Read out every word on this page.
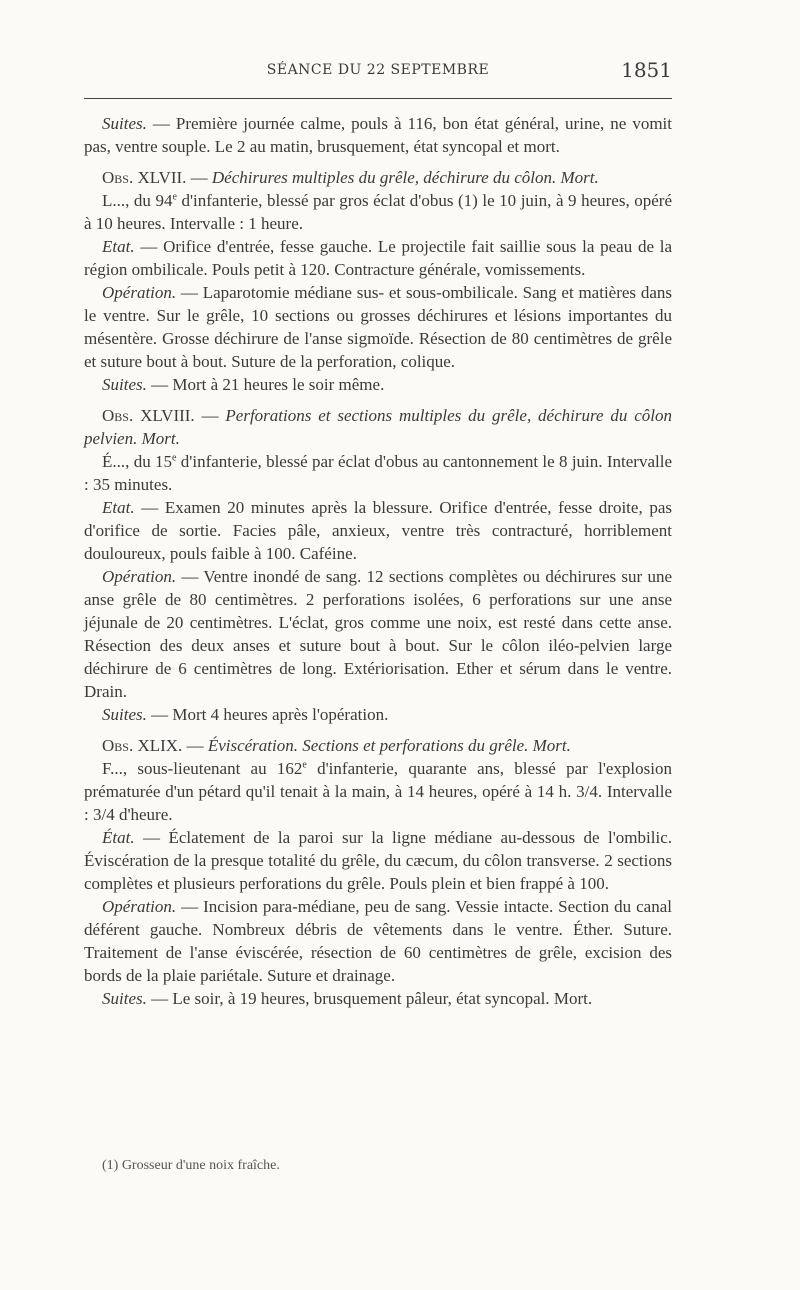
SÉANCE DU 22 SEPTEMBRE	1851

Suites. — Première journée calme, pouls à 116, bon état général, urine, ne vomit pas, ventre souple. Le 2 au matin, brusquement, état syncopal et mort.

Obs. XLVII. — Déchirures multiples du grêle, déchirure du côlon. Mort.

L..., du 94e d'infanterie, blessé par gros éclat d'obus (1) le 10 juin, à 9 heures, opéré à 10 heures. Intervalle : 1 heure.

Etat. — Orifice d'entrée, fesse gauche. Le projectile fait saillie sous la peau de la région ombilicale. Pouls petit à 120. Contracture générale, vomissements.

Opération. — Laparotomie médiane sus- et sous-ombilicale. Sang et matières dans le ventre. Sur le grêle, 10 sections ou grosses déchirures et lésions importantes du mésentère. Grosse déchirure de l'anse sigmoïde. Résection de 80 centimètres de grêle et suture bout à bout. Suture de la perforation, colique.

Suites. — Mort à 21 heures le soir même.

Obs. XLVIII. — Perforations et sections multiples du grêle, déchirure du côlon pelvien. Mort.

É..., du 15e d'infanterie, blessé par éclat d'obus au cantonnement le 8 juin. Intervalle : 35 minutes.

Etat. — Examen 20 minutes après la blessure. Orifice d'entrée, fesse droite, pas d'orifice de sortie. Facies pâle, anxieux, ventre très contracturé, horriblement douloureux, pouls faible à 100. Caféine.

Opération. — Ventre inondé de sang. 12 sections complètes ou déchirures sur une anse grêle de 80 centimètres. 2 perforations isolées, 6 perforations sur une anse jéjunale de 20 centimètres. L'éclat, gros comme une noix, est resté dans cette anse. Résection des deux anses et suture bout à bout. Sur le côlon iléo-pelvien large déchirure de 6 centimètres de long. Extériorisation. Ether et sérum dans le ventre. Drain.

Suites. — Mort 4 heures après l'opération.

Obs. XLIX. — Éviscération. Sections et perforations du grêle. Mort.

F..., sous-lieutenant au 162e d'infanterie, quarante ans, blessé par l'explosion prématurée d'un pétard qu'il tenait à la main, à 14 heures, opéré à 14 h. 3/4. Intervalle : 3/4 d'heure.

État. — Éclatement de la paroi sur la ligne médiane au-dessous de l'ombilic. Éviscération de la presque totalité du grêle, du cæcum, du côlon transverse. 2 sections complètes et plusieurs perforations du grêle. Pouls plein et bien frappé à 100.

Opération. — Incision para-médiane, peu de sang. Vessie intacte. Section du canal déférent gauche. Nombreux débris de vêtements dans le ventre. Éther. Suture. Traitement de l'anse éviscérée, résection de 60 centimètres de grêle, excision des bords de la plaie pariétale. Suture et drainage.

Suites. — Le soir, à 19 heures, brusquement pâleur, état syncopal. Mort.

(1) Grosseur d'une noix fraîche.
